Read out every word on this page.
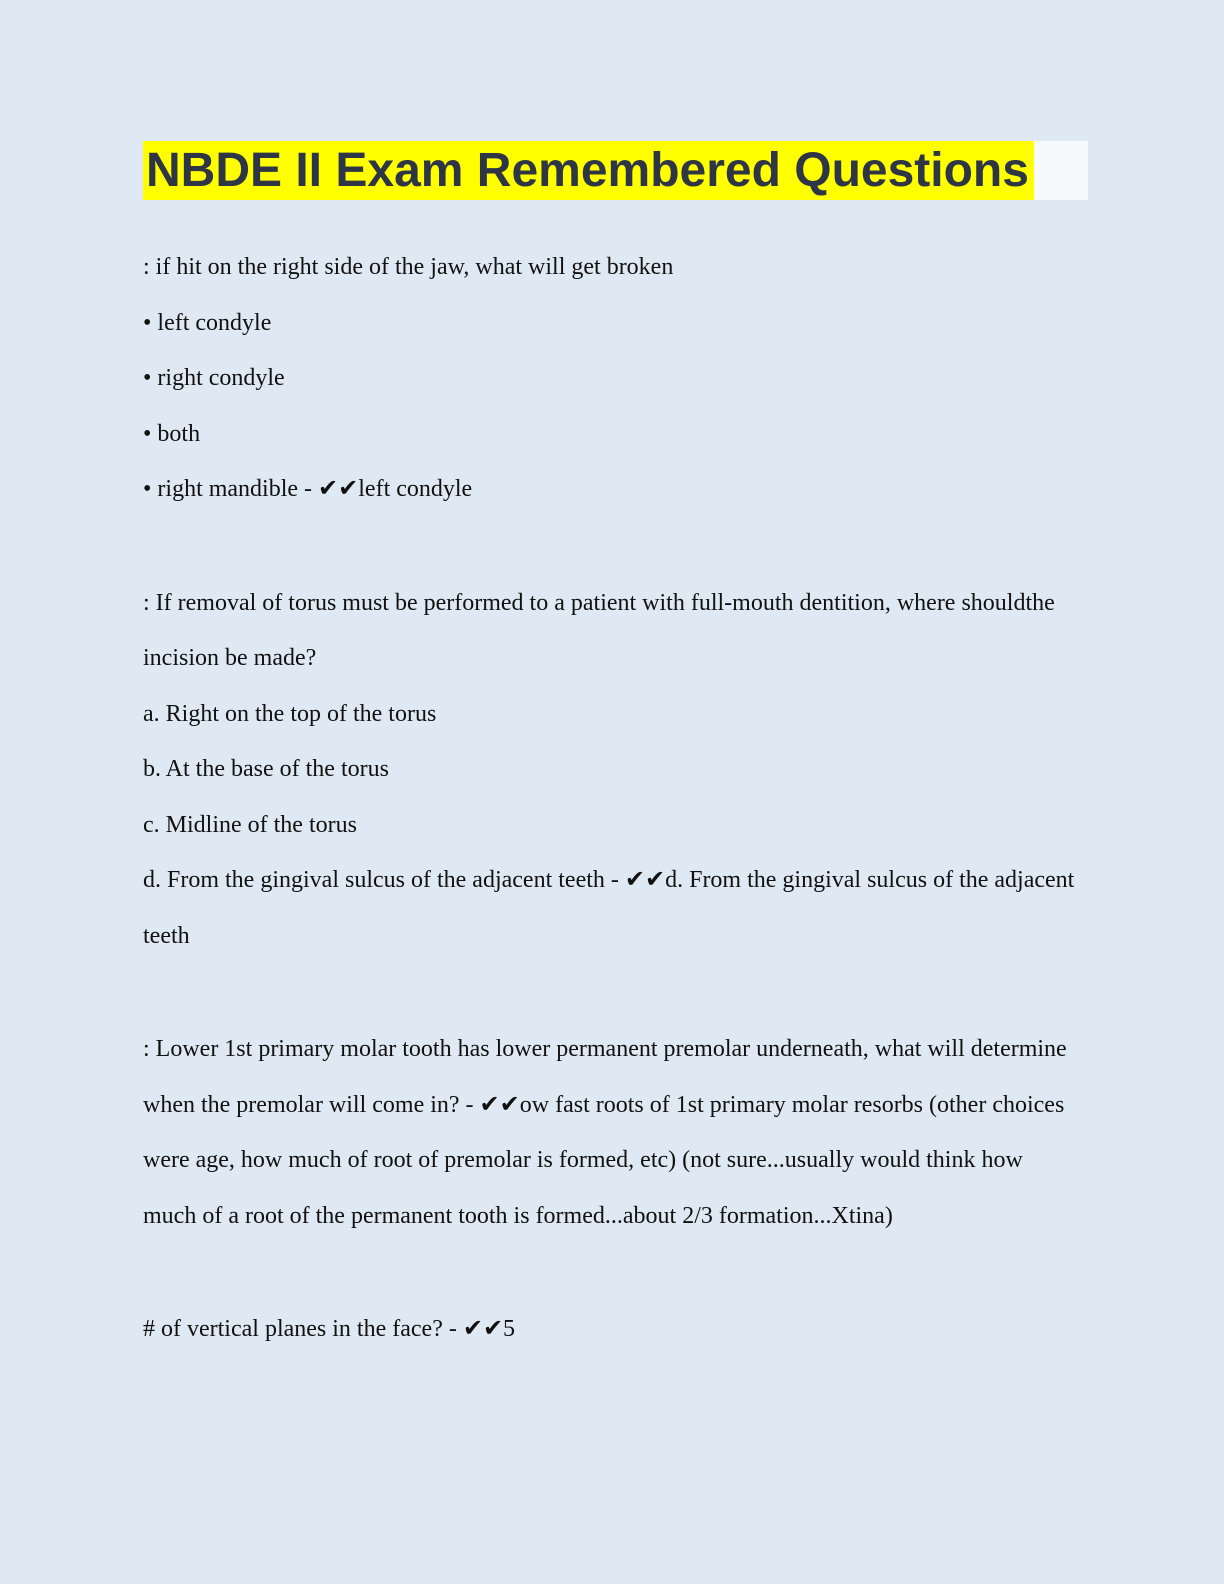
NBDE II Exam Remembered Questions

: if hit on the right side of the jaw, what will get broken

• left condyle

• right condyle

• both

• right mandible - ✔✔left condyle

: If removal of torus must be performed to a patient with full-mouth dentition, where shouldthe

incision be made?

a. Right on the top of the torus

b. At the base of the torus

c. Midline of the torus

d. From the gingival sulcus of the adjacent teeth - ✔✔d. From the gingival sulcus of the adjacent

teeth

: Lower 1st primary molar tooth has lower permanent premolar underneath, what will determine

when the premolar will come in? - ✔✔ow fast roots of 1st primary molar resorbs (other choices

were age, how much of root of premolar is formed, etc) (not sure...usually would think how

much of a root of the permanent tooth is formed...about 2/3 formation...Xtina)

# of vertical planes in the face? - ✔✔5
